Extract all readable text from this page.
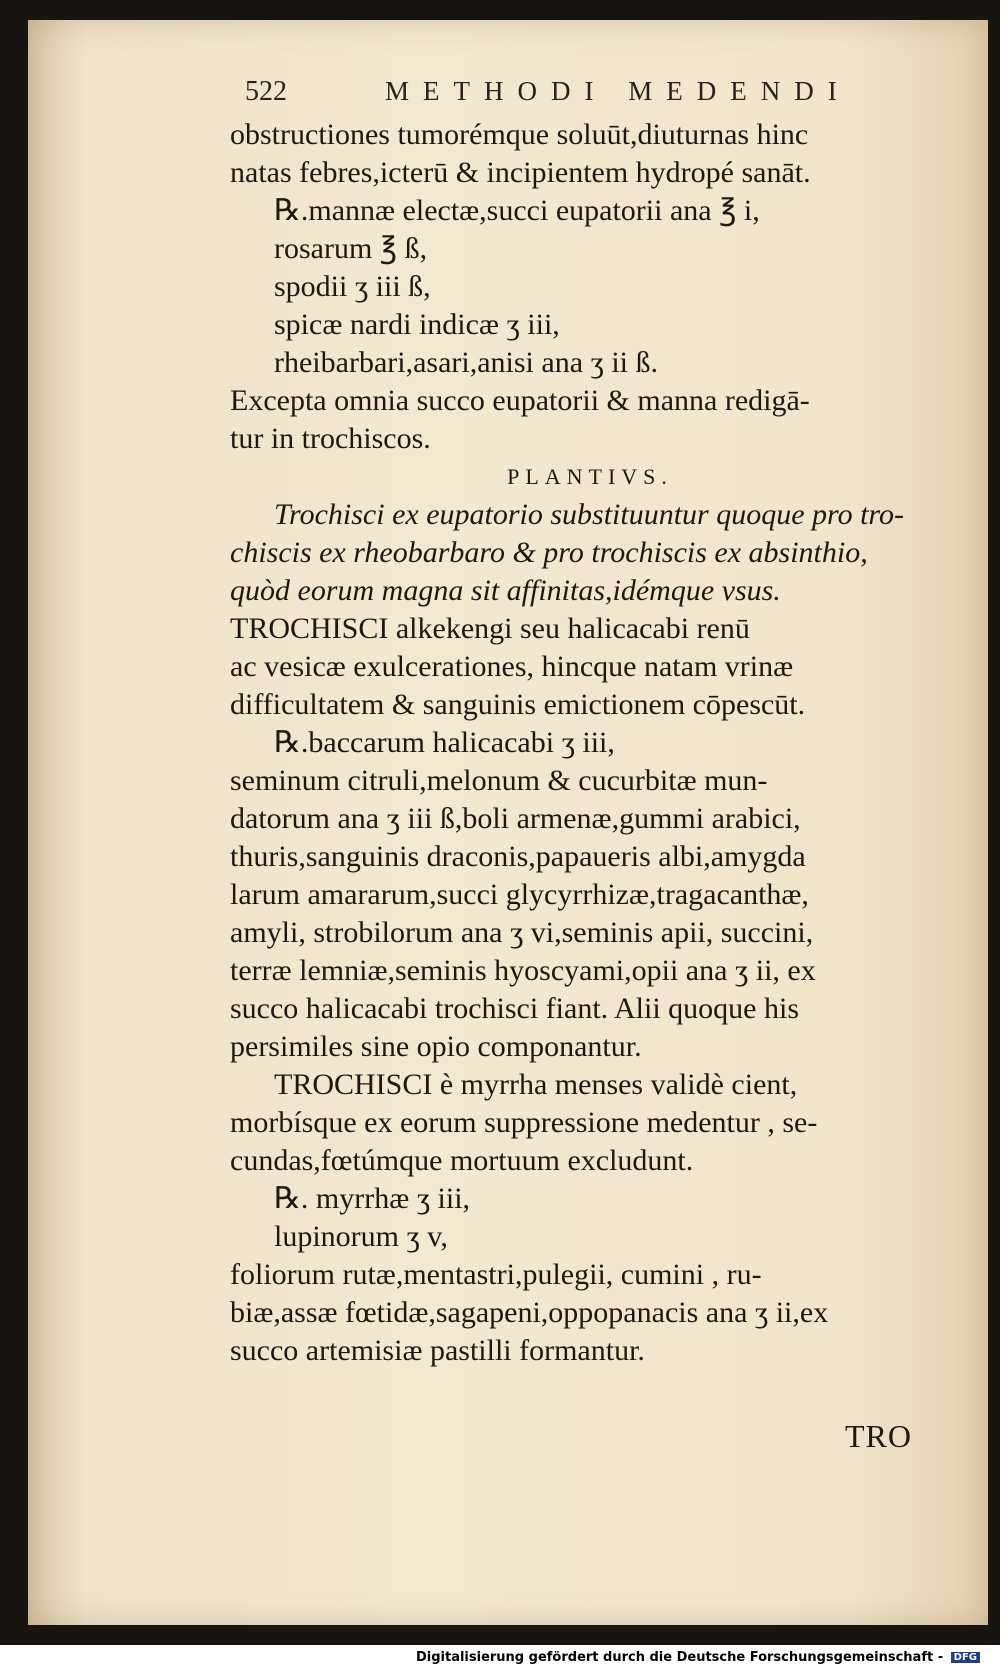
522	METHODI MEDENDI
obstructiones tumorémque soluūt,diuturnas hinc
natas febres,icterū & incipientem hydropé sanāt.
℞.mannæ electæ,succi eupatorii ana ℥ i,
rosarum ℥ ß,
spodii ʒ iii ß,
spicæ nardi indicæ ʒ iii,
rheibarbari,asari,anisi ana ʒ ii ß.
Excepta omnia succo eupatorii & manna redigā-
tur in trochiscos.
PLANTIVS.
Trochisci ex eupatorio substituuntur quoque pro tro-
chiscis ex rheobarbaro & pro trochiscis ex absinthio,
quòd eorum magna sit affinitas,idémque vsus.
TROCHISCI alkekengi seu halicacabi renū
ac vesicæ exulcerationes, hincque natam vrinæ
difficultatem & sanguinis emictionem cōpescūt.
℞.baccarum halicacabi ʒ iii,
seminum citruli,melonum & cucurbitæ mun-
datorum ana ʒ iii ß,boli armenæ,gummi arabici,
thuris,sanguinis draconis,papaueris albi,amygda
larum amararum,succi glycyrrhizæ,tragacanthæ,
amyli, strobilorum ana ʒ vi,seminis apii, succini,
terræ lemniæ,seminis hyoscyami,opii ana ʒ ii, ex
succo halicacabi trochisci fiant. Alii quoque his
persimiles sine opio componantur.
TROCHISCI è myrrha menses validè cient,
morbísque ex eorum suppressione medentur , se-
cundas,fœtúmque mortuum excludunt.
℞. myrrhæ ʒ iii,
lupinorum ʒ v,
foliorum rutæ,mentastri,pulegii, cumini , ru-
biæ,assæ fœtidæ,sagapeni,oppopanacis ana ʒ ii,ex
succo artemisiæ pastilli formantur.
TRO
Digitalisierung gefördert durch die Deutsche Forschungsgemeinschaft - DFG
